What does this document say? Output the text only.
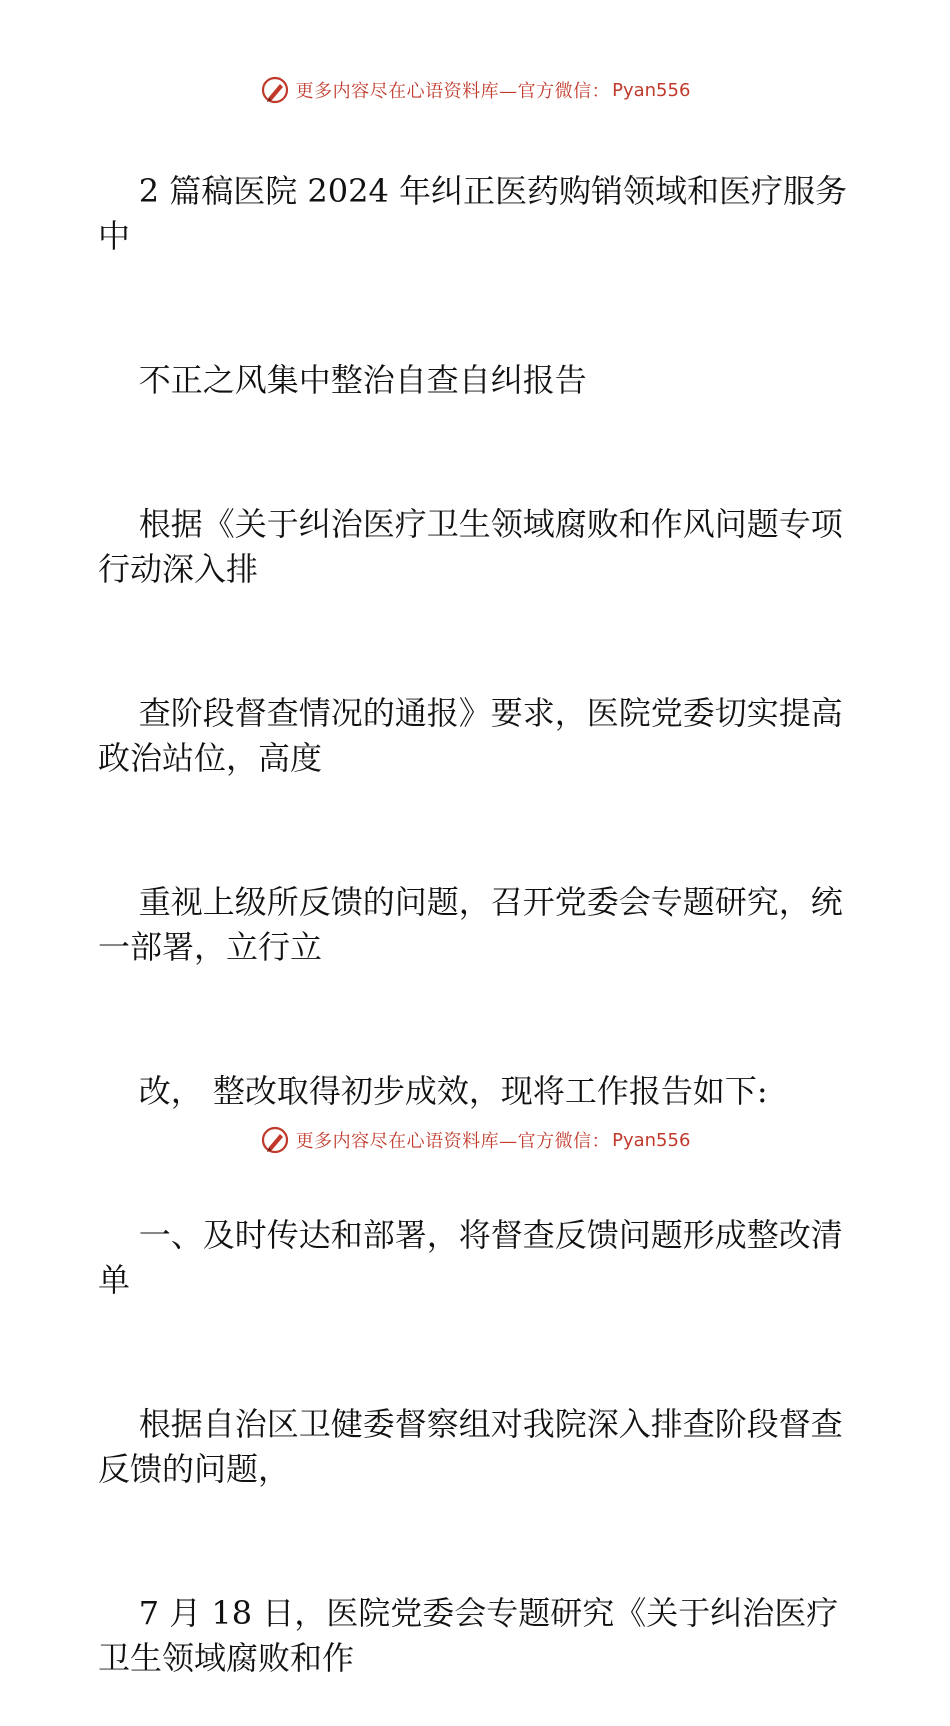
更多内容尽在心语资料库—官方微信： Pyan556

2 篇稿医院 2024 年纠正医药购销领域和医疗服务中

不正之风集中整治自查自纠报告

根据《关于纠治医疗卫生领域腐败和作风问题专项行动深入排

查阶段督查情况的通报》要求，医院党委切实提高政治站位，高度

重视上级所反馈的问题，召开党委会专题研究，统一部署，立行立

改， 整改取得初步成效，现将工作报告如下:

一、及时传达和部署，将督查反馈问题形成整改清单

根据自治区卫健委督察组对我院深入排查阶段督查反馈的问题，

7 月 18 日，医院党委会专题研究《关于纠治医疗卫生领域腐败和作

更多内容尽在心语资料库—官方微信： Pyan556
